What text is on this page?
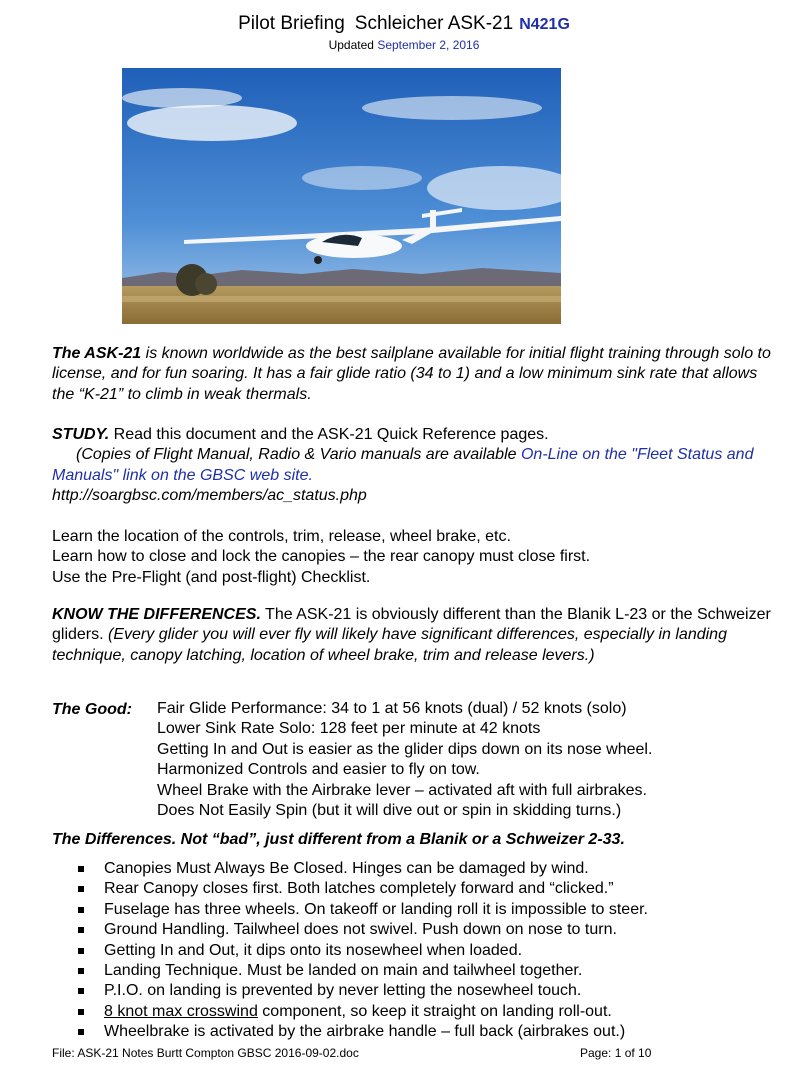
Pilot Briefing Schleicher ASK-21 N421G
Updated September 2, 2016
The ASK-21 is known worldwide as the best sailplane available for initial flight training through solo to license, and for fun soaring. It has a fair glide ratio (34 to 1) and a low minimum sink rate that allows the “K-21” to climb in weak thermals.
STUDY. Read this document and the ASK-21 Quick Reference pages.
(Copies of Flight Manual, Radio & Vario manuals are available On-Line on the "Fleet Status and Manuals" link on the GBSC web site.
http://soargbsc.com/members/ac_status.php
Learn the location of the controls, trim, release, wheel brake, etc.
Learn how to close and lock the canopies – the rear canopy must close first.
Use the Pre-Flight (and post-flight) Checklist.
KNOW THE DIFFERENCES. The ASK-21 is obviously different than the Blanik L-23 or the Schweizer gliders. (Every glider you will ever fly will likely have significant differences, especially in landing technique, canopy latching, location of wheel brake, trim and release levers.)
The Good: Fair Glide Performance: 34 to 1 at 56 knots (dual) / 52 knots (solo)
Lower Sink Rate Solo: 128 feet per minute at 42 knots
Getting In and Out is easier as the glider dips down on its nose wheel.
Harmonized Controls and easier to fly on tow.
Wheel Brake with the Airbrake lever – activated aft with full airbrakes.
Does Not Easily Spin (but it will dive out or spin in skidding turns.)
The Differences. Not “bad”, just different from a Blanik or a Schweizer 2-33.
Canopies Must Always Be Closed. Hinges can be damaged by wind.
Rear Canopy closes first. Both latches completely forward and “clicked.”
Fuselage has three wheels. On takeoff or landing roll it is impossible to steer.
Ground Handling. Tailwheel does not swivel. Push down on nose to turn.
Getting In and Out, it dips onto its nosewheel when loaded.
Landing Technique. Must be landed on main and tailwheel together.
P.I.O. on landing is prevented by never letting the nosewheel touch.
8 knot max crosswind component, so keep it straight on landing roll-out.
Wheelbrake is activated by the airbrake handle – full back (airbrakes out.)
File: ASK-21 Notes Burtt Compton GBSC 2016-09-02.doc	Page: 1 of 10
